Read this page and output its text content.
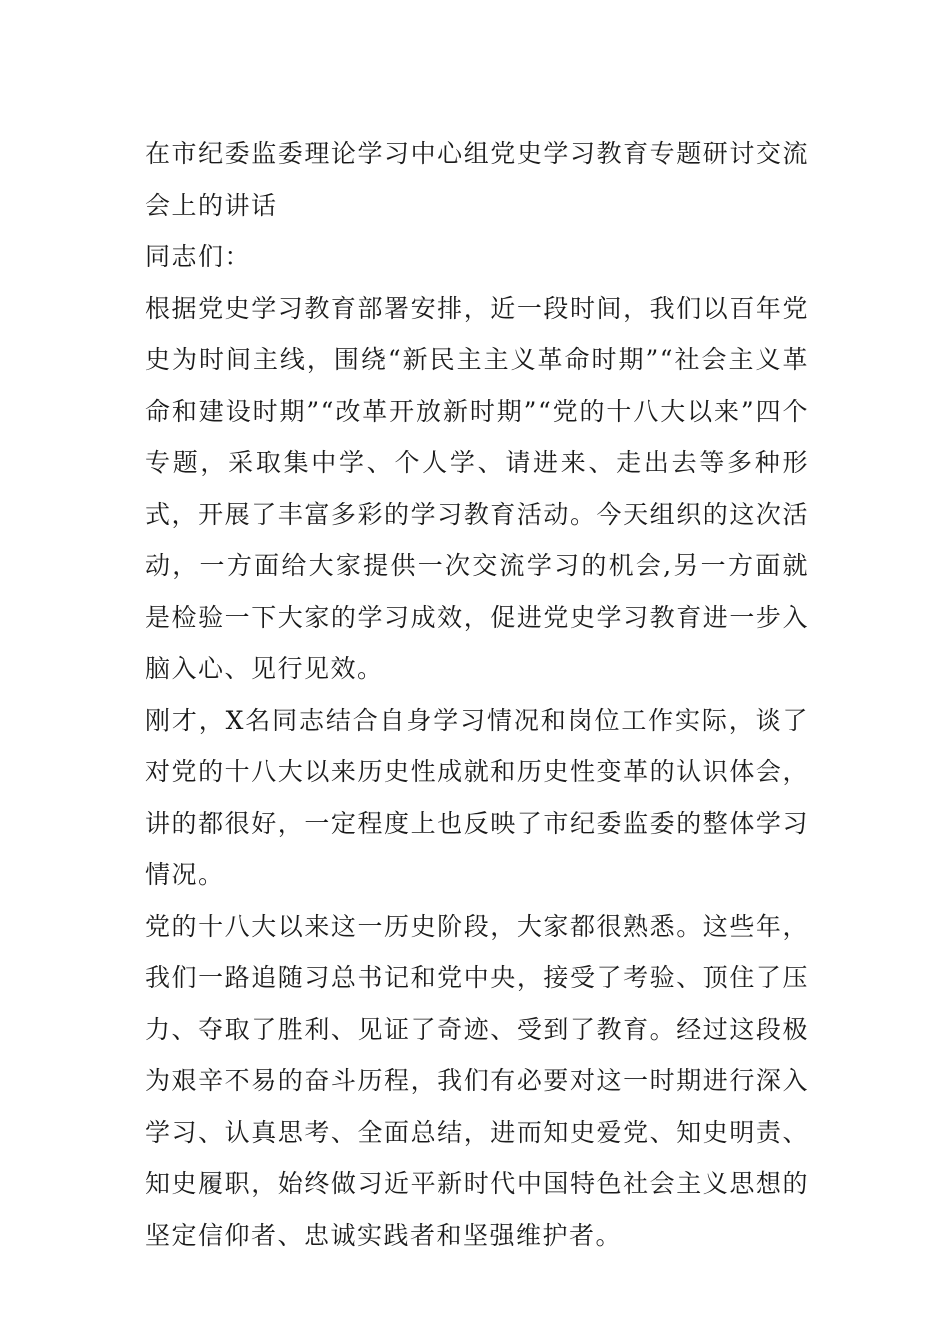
在市纪委监委理论学习中心组党史学习教育专题研讨交流会上的讲话

同志们：

根据党史学习教育部署安排，近一段时间，我们以百年党史为时间主线，围绕“新民主主义革命时期”“社会主义革命和建设时期”“改革开放新时期”“党的十八大以来”四个专题，采取集中学、个人学、请进来、走出去等多种形式，开展了丰富多彩的学习教育活动。今天组织的这次活动，一方面给大家提供一次交流学习的机会,另一方面就是检验一下大家的学习成效，促进党史学习教育进一步入脑入心、见行见效。

刚才，X名同志结合自身学习情况和岗位工作实际，谈了对党的十八大以来历史性成就和历史性变革的认识体会，讲的都很好，一定程度上也反映了市纪委监委的整体学习情况。

党的十八大以来这一历史阶段，大家都很熟悉。这些年，我们一路追随习总书记和党中央，接受了考验、顶住了压力、夺取了胜利、见证了奇迹、受到了教育。经过这段极为艰辛不易的奋斗历程，我们有必要对这一时期进行深入学习、认真思考、全面总结，进而知史爱党、知史明责、知史履职，始终做习近平新时代中国特色社会主义思想的坚定信仰者、忠诚实践者和坚强维护者。
